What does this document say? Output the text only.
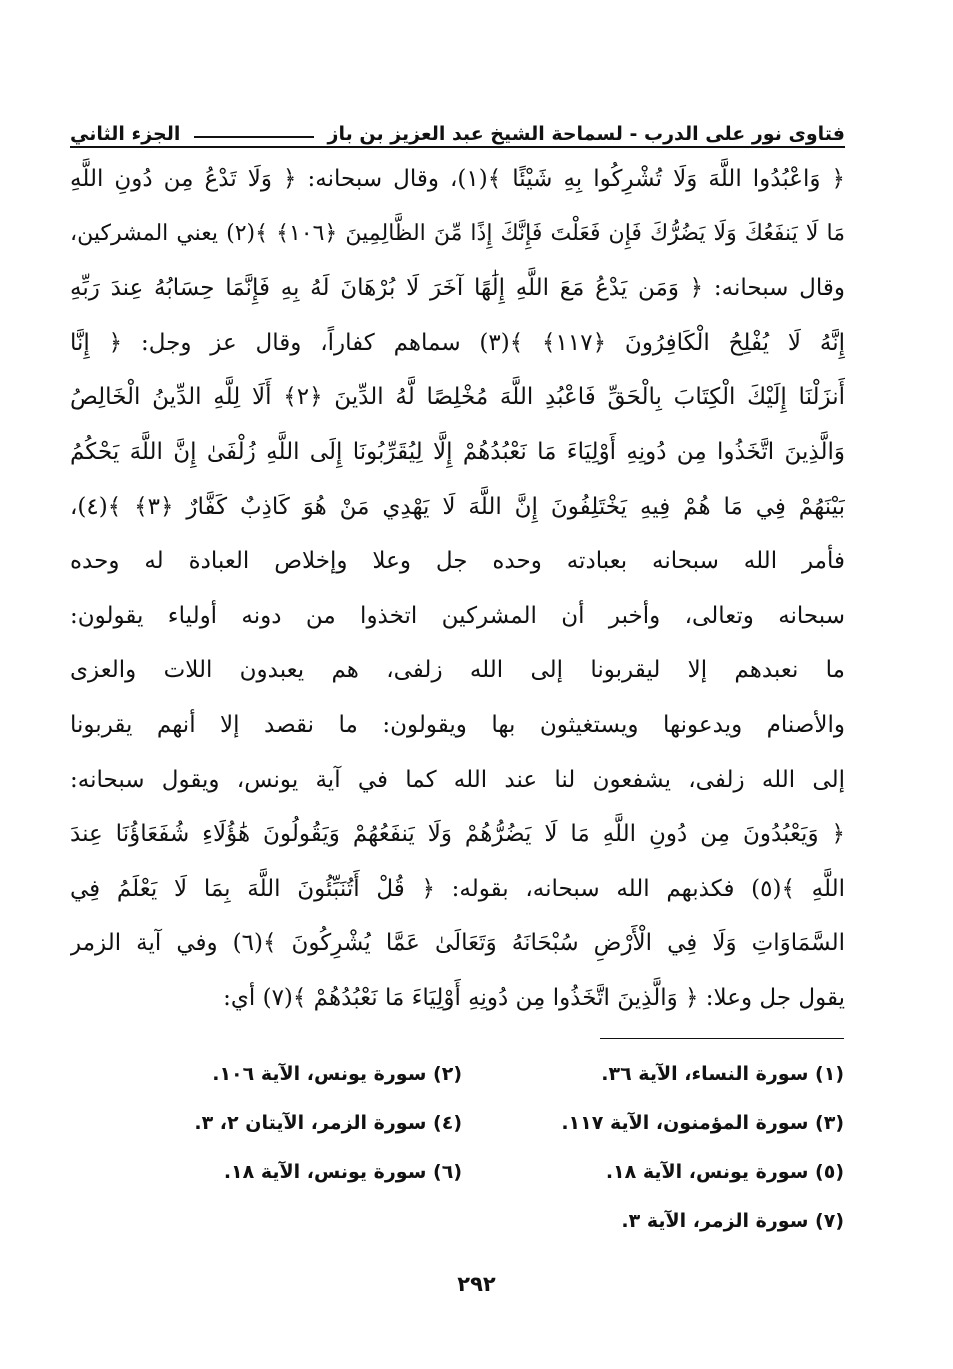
فتاوى نور على الدرب - لسماحة الشيخ عبد العزيز بن باز
الجزء الثاني
﴿ وَاعْبُدُوا اللَّهَ وَلَا تُشْرِكُوا بِهِ شَيْئًا ﴾(١)، وقال سبحانه: ﴿ وَلَا تَدْعُ مِن دُونِ اللَّهِ
مَا لَا يَنفَعُكَ وَلَا يَضُرُّكَ فَإِن فَعَلْتَ فَإِنَّكَ إِذًا مِّنَ الظَّالِمِينَ ﴿١٠٦﴾ ﴾(٢) يعني المشركين،
وقال سبحانه: ﴿ وَمَن يَدْعُ مَعَ اللَّهِ إِلَٰهًا آخَرَ لَا بُرْهَانَ لَهُ بِهِ فَإِنَّمَا حِسَابُهُ عِندَ رَبِّهِ
إِنَّهُ لَا يُفْلِحُ الْكَافِرُونَ ﴿١١٧﴾ ﴾(٣) سماهم كفاراً، وقال عز وجل: ﴿ إِنَّا
أَنزَلْنَا إِلَيْكَ الْكِتَابَ بِالْحَقِّ فَاعْبُدِ اللَّهَ مُخْلِصًا لَّهُ الدِّينَ ﴿٢﴾ أَلَا لِلَّهِ الدِّينُ الْخَالِصُ
وَالَّذِينَ اتَّخَذُوا مِن دُونِهِ أَوْلِيَاءَ مَا نَعْبُدُهُمْ إِلَّا لِيُقَرِّبُونَا إِلَى اللَّهِ زُلْفَىٰ إِنَّ اللَّهَ يَحْكُمُ
بَيْنَهُمْ فِي مَا هُمْ فِيهِ يَخْتَلِفُونَ إِنَّ اللَّهَ لَا يَهْدِي مَنْ هُوَ كَاذِبٌ كَفَّارٌ ﴿٣﴾ ﴾(٤)،
فأمر الله سبحانه بعبادته وحده جل وعلا وإخلاص العبادة له وحده
سبحانه وتعالى، وأخبر أن المشركين اتخذوا من دونه أولياء يقولون:
ما نعبدهم إلا ليقربونا إلى الله زلفى، هم يعبدون اللات والعزى
والأصنام ويدعونها ويستغيثون بها ويقولون: ما نقصد إلا أنهم يقربونا
إلى الله زلفى، يشفعون لنا عند الله كما في آية يونس، ويقول سبحانه:
﴿ وَيَعْبُدُونَ مِن دُونِ اللَّهِ مَا لَا يَضُرُّهُمْ وَلَا يَنفَعُهُمْ وَيَقُولُونَ هَٰؤُلَاءِ شُفَعَاؤُنَا عِندَ
اللَّهِ ﴾(٥) فكذبهم الله سبحانه، بقوله: ﴿ قُلْ أَتُنَبِّئُونَ اللَّهَ بِمَا لَا يَعْلَمُ فِي
السَّمَاوَاتِ وَلَا فِي الْأَرْضِ سُبْحَانَهُ وَتَعَالَىٰ عَمَّا يُشْرِكُونَ ﴾(٦) وفي آية الزمر
يقول جل وعلا: ﴿ وَالَّذِينَ اتَّخَذُوا مِن دُونِهِ أَوْلِيَاءَ مَا نَعْبُدُهُمْ ﴾(٧) أي:
(١) سورة النساء، الآية ٣٦.
(٢) سورة يونس، الآية ١٠٦.
(٣) سورة المؤمنون، الآية ١١٧.
(٤) سورة الزمر، الآيتان ٢، ٣.
(٥) سورة يونس، الآية ١٨.
(٦) سورة يونس، الآية ١٨.
(٧) سورة الزمر، الآية ٣.
٢٩٢
